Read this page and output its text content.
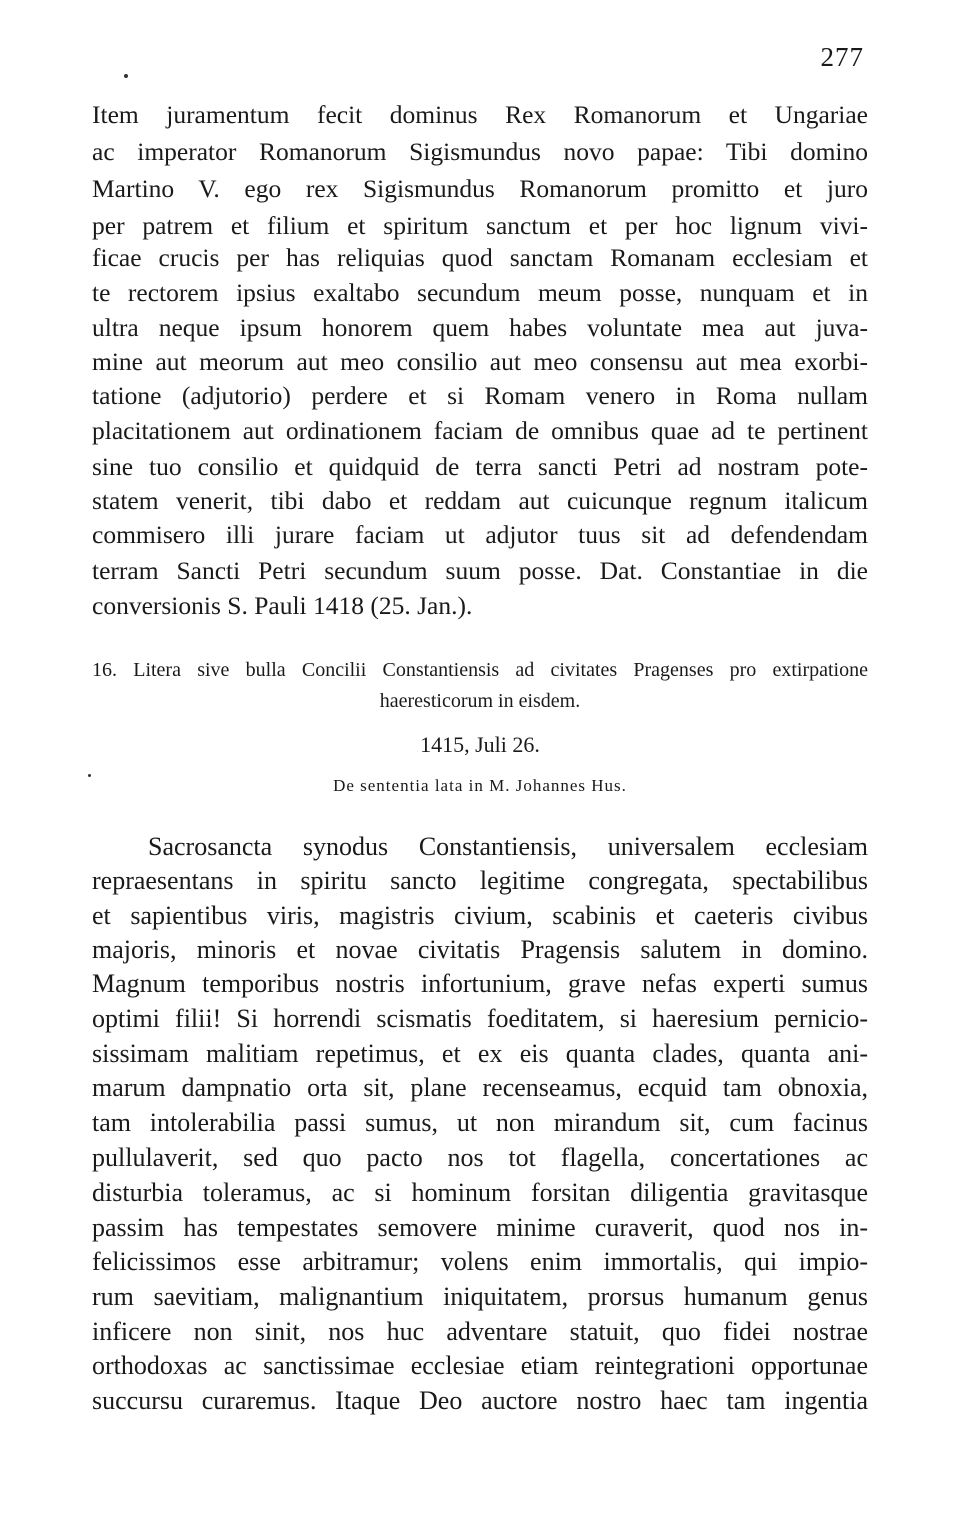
277
Item juramentum fecit dominus Rex Romanorum et Ungariae
ac imperator Romanorum Sigismundus novo papae: Tibi domino
Martino V. ego rex Sigismundus Romanorum promitto et juro
per patrem et filium et spiritum sanctum et per hoc lignum vivi-
ficae crucis per has reliquias quod sanctam Romanam ecclesiam et
te rectorem ipsius exaltabo secundum meum posse, nunquam et in
ultra neque ipsum honorem quem habes voluntate mea aut juva-
mine aut meorum aut meo consilio aut meo consensu aut mea exorbi-
tatione (adjutorio) perdere et si Romam venero in Roma nullam
placitationem aut ordinationem faciam de omnibus quae ad te pertinent
sine tuo consilio et quidquid de terra sancti Petri ad nostram pote-
statem venerit, tibi dabo et reddam aut cuicunque regnum italicum
commisero illi jurare faciam ut adjutor tuus sit ad defendendam
terram Sancti Petri secundum suum posse. Dat. Constantiae in die
conversionis S. Pauli 1418 (25. Jan.).
16. Litera sive bulla Concilii Constantiensis ad civitates Pragenses pro extirpatione
haeresticorum in eisdem.
1415, Juli 26.
De sententia lata in M. Johannes Hus.
Sacrosancta synodus Constantiensis, universalem ecclesiam
repraesentans in spiritu sancto legitime congregata, spectabilibus
et sapientibus viris, magistris civium, scabinis et caeteris civibus
majoris, minoris et novae civitatis Pragensis salutem in domino.
Magnum temporibus nostris infortunium, grave nefas experti sumus
optimi filii! Si horrendi scismatis foeditatem, si haeresium pernicio-
sissimam malitiam repetimus, et ex eis quanta clades, quanta ani-
marum dampnatio orta sit, plane recenseamus, ecquid tam obnoxia,
tam intolerabilia passi sumus, ut non mirandum sit, cum facinus
pullulaverit, sed quo pacto nos tot flagella, concertationes ac
disturbia toleramus, ac si hominum forsitan diligentia gravitasque
passim has tempestates semovere minime curaverit, quod nos in-
felicissimos esse arbitramur; volens enim immortalis, qui impio-
rum saevitiam, malignantium iniquitatem, prorsus humanum genus
inficere non sinit, nos huc adventare statuit, quo fidei nostrae
orthodoxas ac sanctissimae ecclesiae etiam reintegrationi opportunae
succursu curaremus. Itaque Deo auctore nostro haec tam ingentia
